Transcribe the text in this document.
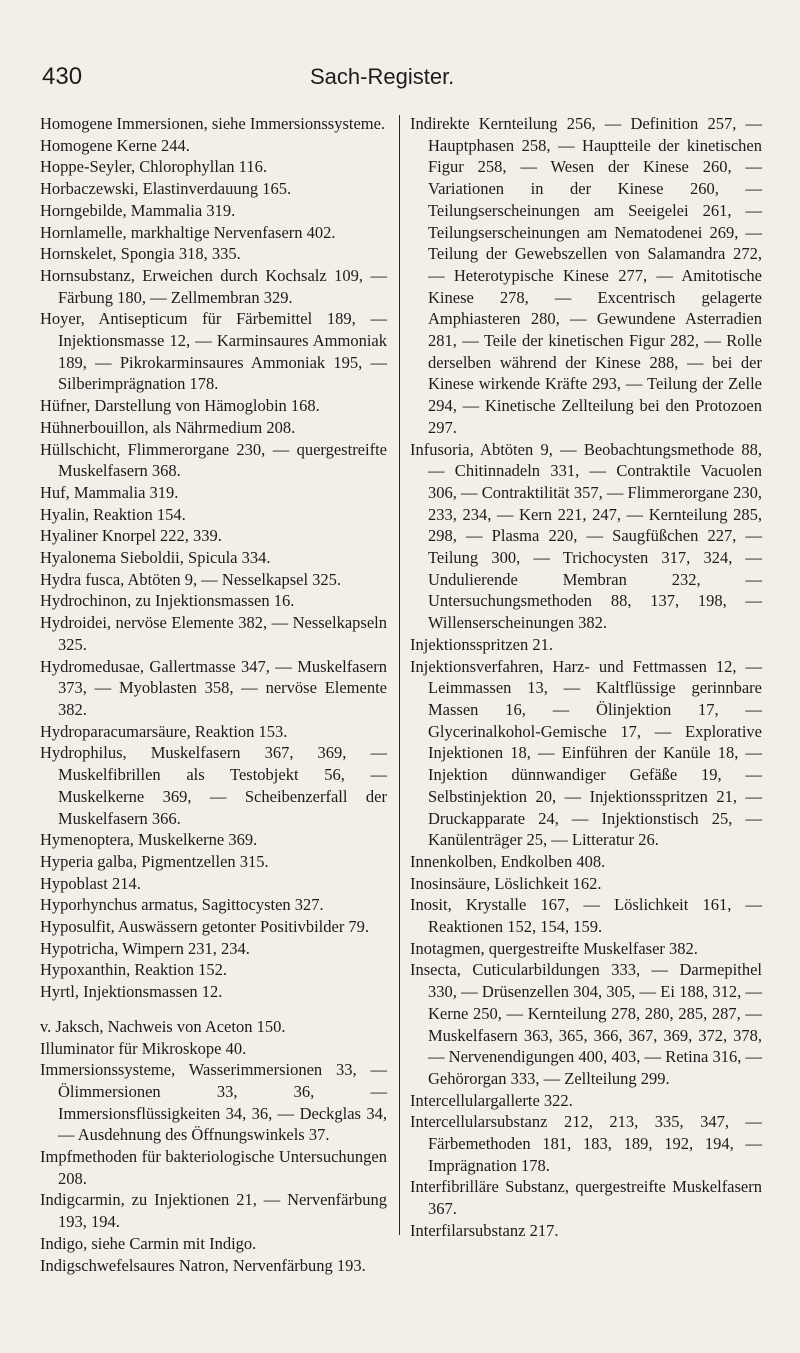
430	Sach-Register.

Homogene Immersionen, siehe Immersionssysteme.

Homogene Kerne 244.

Hoppe-Seyler, Chlorophyllan 116.

Horbaczewski, Elastinverdauung 165.

Horngebilde, Mammalia 319.

Hornlamelle, markhaltige Nervenfasern 402.

Hornskelet, Spongia 318, 335.

Hornsubstanz, Erweichen durch Kochsalz 109, — Färbung 180, — Zellmembran 329.

Hoyer, Antisepticum für Färbemittel 189, — Injektionsmasse 12, — Karminsaures Ammoniak 189, — Pikrokarminsaures Ammoniak 195, — Silberimprägnation 178.

Hüfner, Darstellung von Hämoglobin 168.

Hühnerbouillon, als Nährmedium 208.

Hüllschicht, Flimmerorgane 230, — quergestreifte Muskelfasern 368.

Huf, Mammalia 319.

Hyalin, Reaktion 154.

Hyaliner Knorpel 222, 339.

Hyalonema Sieboldii, Spicula 334.

Hydra fusca, Abtöten 9, — Nesselkapsel 325.

Hydrochinon, zu Injektionsmassen 16.

Hydroidei, nervöse Elemente 382, — Nesselkapseln 325.

Hydromedusae, Gallertmasse 347, — Muskelfasern 373, — Myoblasten 358, — nervöse Elemente 382.

Hydroparacumarsäure, Reaktion 153.

Hydrophilus, Muskelfasern 367, 369, — Muskelfibrillen als Testobjekt 56, — Muskelkerne 369, — Scheibenzerfall der Muskelfasern 366.

Hymenoptera, Muskelkerne 369.

Hyperia galba, Pigmentzellen 315.

Hypoblast 214.

Hyporhynchus armatus, Sagittocysten 327.

Hyposulfit, Auswässern getonter Positivbilder 79.

Hypotricha, Wimpern 231, 234.

Hypoxanthin, Reaktion 152.

Hyrtl, Injektionsmassen 12.

v. Jaksch, Nachweis von Aceton 150.

Illuminator für Mikroskope 40.

Immersionssysteme, Wasserimmersionen 33, — Ölimmersionen 33, 36, — Immersionsflüssigkeiten 34, 36, — Deckglas 34, — Ausdehnung des Öffnungswinkels 37.

Impfmethoden für bakteriologische Untersuchungen 208.

Indigcarmin, zu Injektionen 21, — Nervenfärbung 193, 194.

Indigo, siehe Carmin mit Indigo.

Indigschwefelsaures Natron, Nervenfärbung 193.

Indirekte Kernteilung 256, — Definition 257, — Hauptphasen 258, — Hauptteile der kinetischen Figur 258, — Wesen der Kinese 260, — Variationen in der Kinese 260, — Teilungserscheinungen am Seeigelei 261, — Teilungserscheinungen am Nematodenei 269, — Teilung der Gewebszellen von Salamandra 272, — Heterotypische Kinese 277, — Amitotische Kinese 278, — Excentrisch gelagerte Amphiasteren 280, — Gewundene Asterradien 281, — Teile der kinetischen Figur 282, — Rolle derselben während der Kinese 288, — bei der Kinese wirkende Kräfte 293, — Teilung der Zelle 294, — Kinetische Zellteilung bei den Protozoen 297.

Infusoria, Abtöten 9, — Beobachtungsmethode 88, — Chitinnadeln 331, — Contraktile Vacuolen 306, — Contraktilität 357, — Flimmerorgane 230, 233, 234, — Kern 221, 247, — Kernteilung 285, 298, — Plasma 220, — Saugfüßchen 227, — Teilung 300, — Trichocysten 317, 324, — Undulierende Membran 232, — Untersuchungsmethoden 88, 137, 198, — Willenserscheinungen 382.

Injektionsspritzen 21.

Injektionsverfahren, Harz- und Fettmassen 12, — Leimmassen 13, — Kaltflüssige gerinnbare Massen 16, — Ölinjektion 17, — Glycerinalkohol-Gemische 17, — Explorative Injektionen 18, — Einführen der Kanüle 18, — Injektion dünnwandiger Gefäße 19, — Selbstinjektion 20, — Injektionsspritzen 21, — Druckapparate 24, — Injektionstisch 25, — Kanülenträger 25, — Litteratur 26.

Innenkolben, Endkolben 408.

Inosinsäure, Löslichkeit 162.

Inosit, Krystalle 167, — Löslichkeit 161, — Reaktionen 152, 154, 159.

Inotagmen, quergestreifte Muskelfaser 382.

Insecta, Cuticularbildungen 333, — Darmepithel 330, — Drüsenzellen 304, 305, — Ei 188, 312, — Kerne 250, — Kernteilung 278, 280, 285, 287, — Muskelfasern 363, 365, 366, 367, 369, 372, 378, — Nervenendigungen 400, 403, — Retina 316, — Gehörorgan 333, — Zellteilung 299.

Intercellulargallerte 322.

Intercellularsubstanz 212, 213, 335, 347, — Färbemethoden 181, 183, 189, 192, 194, — Imprägnation 178.

Interfibrilläre Substanz, quergestreifte Muskelfasern 367.

Interfilarsubstanz 217.
